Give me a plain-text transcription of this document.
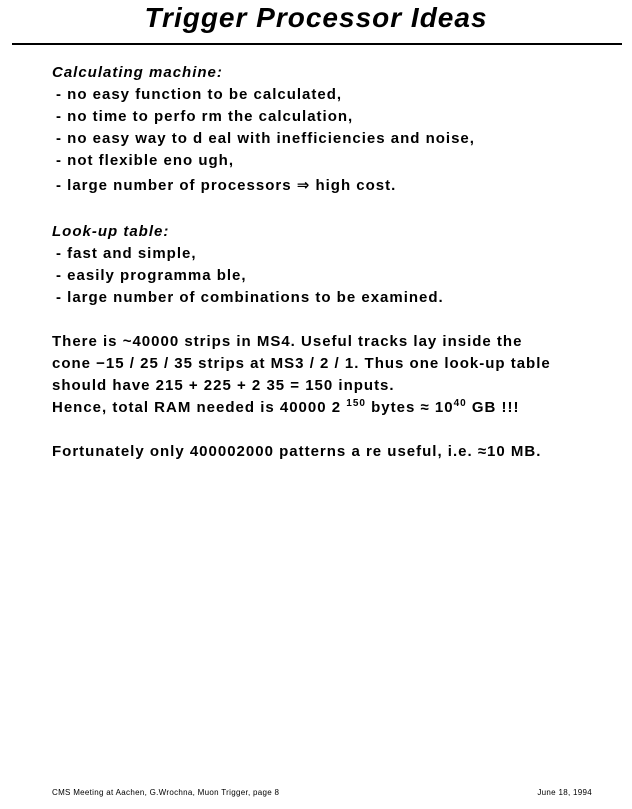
Trigger Processor Ideas
Calculating machine:
- no easy function to be calculated,
- no time to perfo rm the calculation,
- no easy way to d eal with inefficiencies and noise,
- not flexible eno ugh,
- large number of processors ⇒ high cost.
Look-up table:
- fast and simple,
- easily programma ble,
- large number of combinations to be examined.
There is ~40000 strips in MS4. Useful tracks lay inside the
cone −15 / 25 / 35 strips at MS3 / 2 / 1. Thus one look-up table
should have 215 + 225 + 2 35 = 150 inputs.
Hence, total RAM needed is 40000 2 $^{150}$ bytes ≈ $10^{40}$ GB !!!
Fortunately only 400002000 patterns a re useful, i.e. ≈10 MB.
CMS Meeting at Aachen, G.Wrochna, Muon Trigger, page 8	June 18, 1994
